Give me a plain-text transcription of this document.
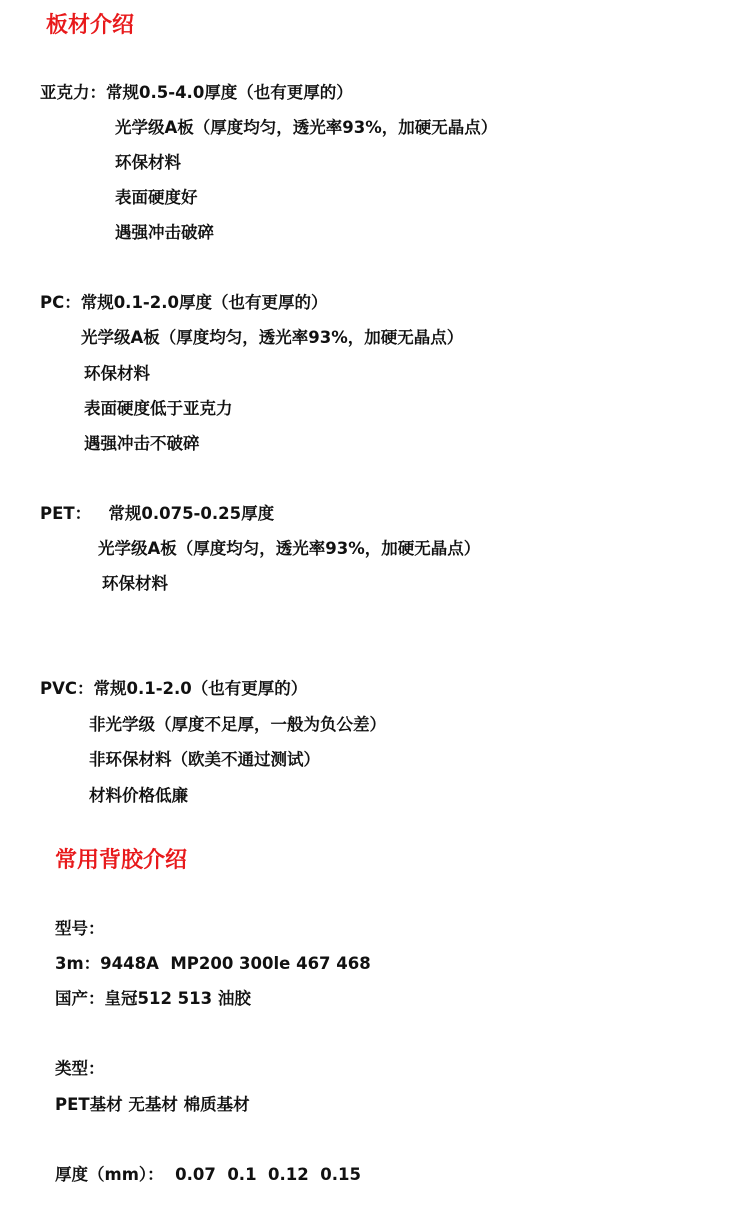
板材介绍
亚克力：常规0.5-4.0厚度（也有更厚的）
光学级A板（厚度均匀，透光率93%，加硬无晶点）
环保材料
表面硬度好
遇强冲击破碎
PC：常规0.1-2.0厚度（也有更厚的）
光学级A板（厚度均匀，透光率93%，加硬无晶点）
环保材料
表面硬度低于亚克力
遇强冲击不破碎
PET：   常规0.075-0.25厚度
光学级A板（厚度均匀，透光率93%，加硬无晶点）
环保材料
PVC：常规0.1-2.0（也有更厚的）
非光学级（厚度不足厚，一般为负公差）
非环保材料（欧美不通过测试）
材料价格低廉
常用背胶介绍
型号：
3m：9448A  MP200 300le 467 468
国产：皇冠512 513 油胶
类型：
PET基材 无基材 棉质基材
厚度（mm）：  0.07  0.1  0.12  0.15
